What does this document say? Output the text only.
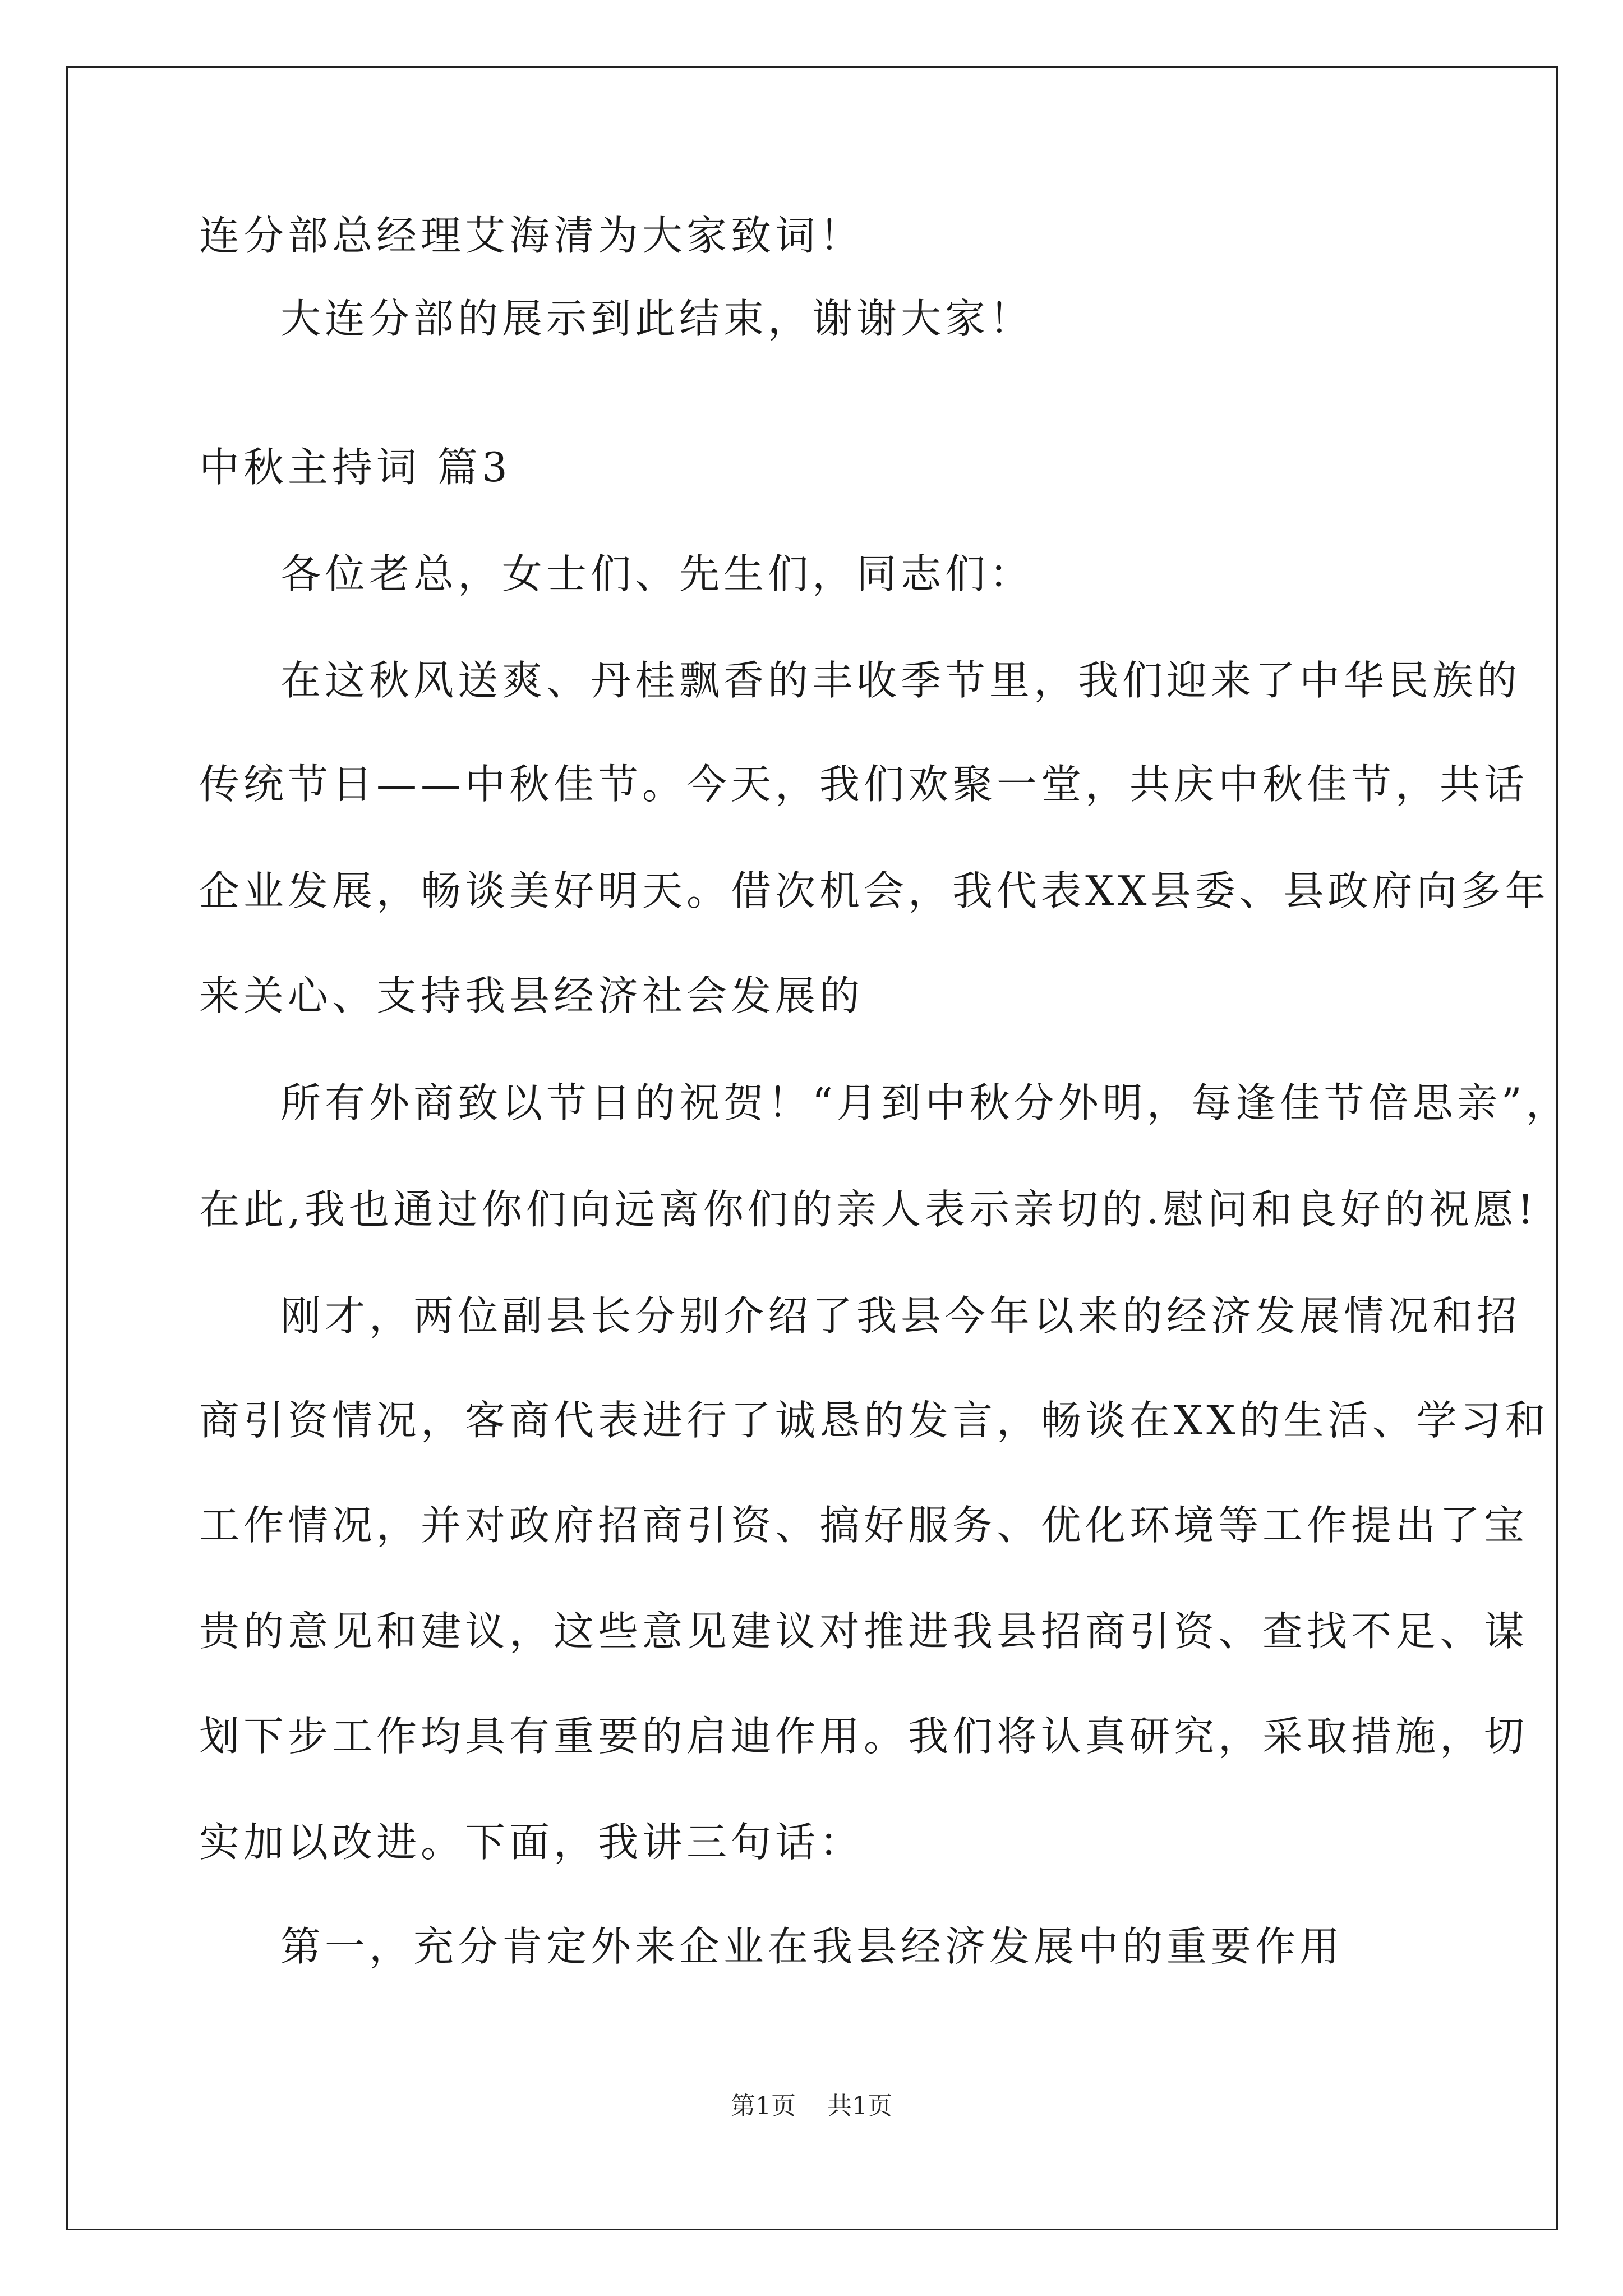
连分部总经理艾海清为大家致词！

大连分部的展示到此结束，谢谢大家！

中秋主持词 篇3

各位老总，女士们、先生们，同志们：

在这秋风送爽、丹桂飘香的丰收季节里，我们迎来了中华民族的

传统节日——中秋佳节。今天，我们欢聚一堂，共庆中秋佳节，共话

企业发展，畅谈美好明天。借次机会，我代表XX县委、县政府向多年

来关心、支持我县经济社会发展的

所有外商致以节日的祝贺！“月到中秋分外明，每逢佳节倍思亲”，

在此,我也通过你们向远离你们的亲人表示亲切的.慰问和良好的祝愿!

刚才，两位副县长分别介绍了我县今年以来的经济发展情况和招

商引资情况，客商代表进行了诚恳的发言，畅谈在XX的生活、学习和

工作情况，并对政府招商引资、搞好服务、优化环境等工作提出了宝

贵的意见和建议，这些意见建议对推进我县招商引资、查找不足、谋

划下步工作均具有重要的启迪作用。我们将认真研究，采取措施，切

实加以改进。下面，我讲三句话：

第一，充分肯定外来企业在我县经济发展中的重要作用

第1页 共1页
